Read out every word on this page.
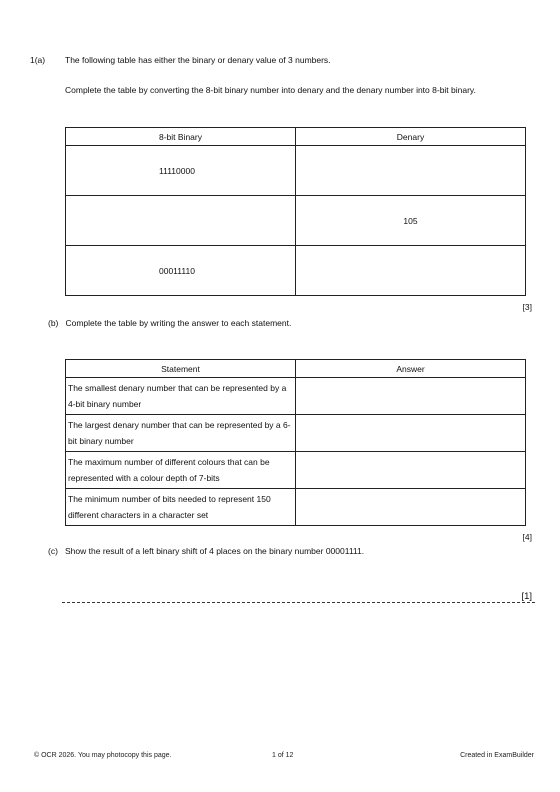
1(a) The following table has either the binary or denary value of 3 numbers.
Complete the table by converting the 8-bit binary number into denary and the denary number into 8-bit binary.
8-bit Binary	Denary

11110000	

	105

00011110	

[3]
(b) Complete the table by writing the answer to each statement.
Statement	Answer
The smallest denary number that can be represented by a 4-bit binary number	
The largest denary number that can be represented by a 6-bit binary number	
The maximum number of different colours that can be represented with a colour depth of 7-bits	
The minimum number of bits needed to represent 150 different characters in a character set	
[4]
(c) Show the result of a left binary shift of 4 places on the binary number 00001111.
[1]
© OCR 2026. You may photocopy this page.	1 of 12	Created in ExamBuilder
